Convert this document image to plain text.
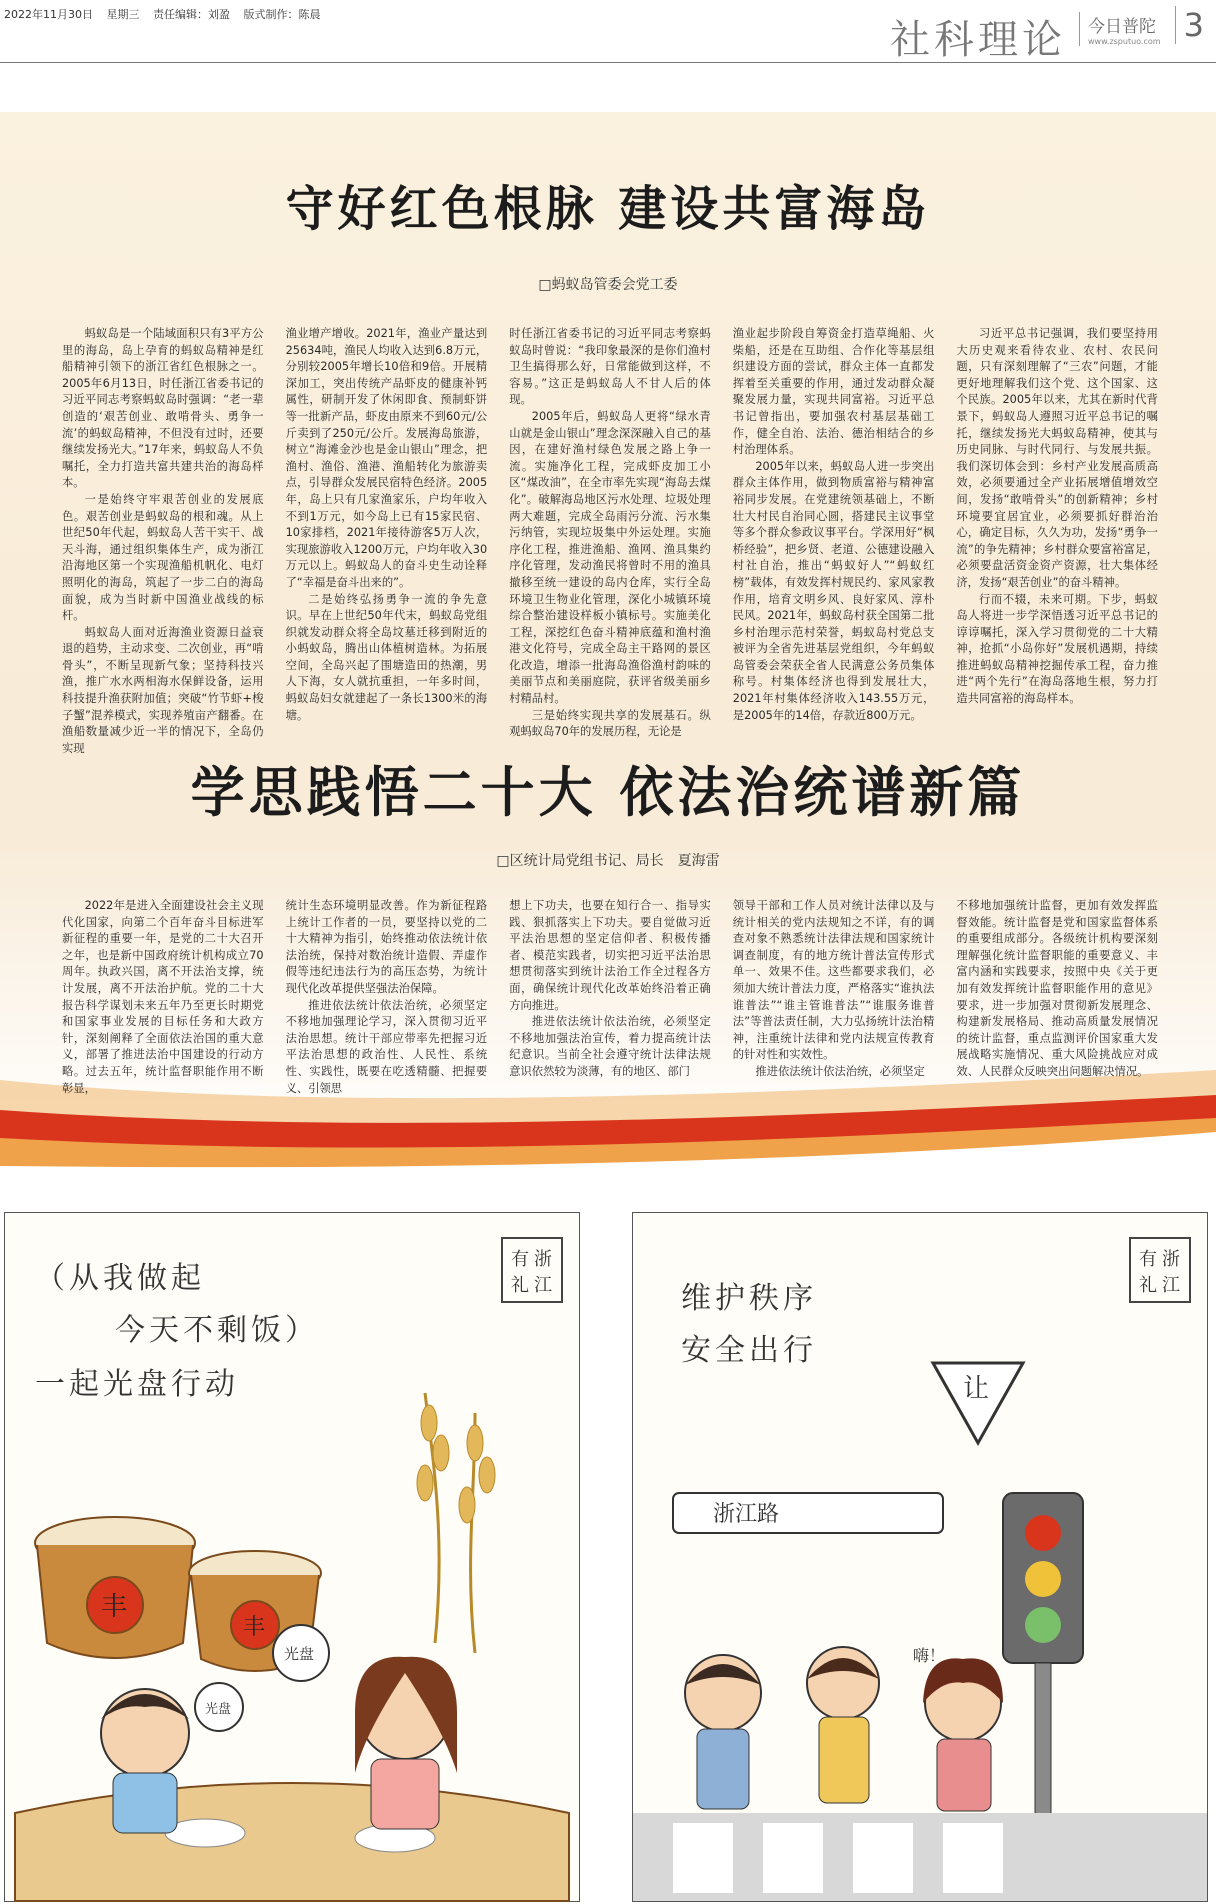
2022年11月30日 星期三 责任编辑：刘盈 版式制作：陈晨
社科理论 今日普陀
www.zsputuo.com 3
守好红色根脉 建设共富海岛
□蚂蚁岛管委会党工委

蚂蚁岛是一个陆域面积只有3平方公里的海岛，岛上孕育的蚂蚁岛精神是红船精神引领下的浙江省红色根脉之一。2005年6月13日，时任浙江省委书记的习近平同志考察蚂蚁岛时强调：“老一辈创造的‘艰苦创业、敢啃骨头、勇争一流’的蚂蚁岛精神，不但没有过时，还要继续发扬光大。”17年来，蚂蚁岛人不负嘱托，全力打造共富共建共治的海岛样本。

一是始终守牢艰苦创业的发展底色。艰苦创业是蚂蚁岛的根和魂。从上世纪50年代起，蚂蚁岛人苦干实干、战天斗海，通过组织集体生产，成为浙江沿海地区第一个实现渔船机帆化、电灯照明化的海岛，筑起了一步二白的海岛面貌，成为当时新中国渔业战线的标杆。

蚂蚁岛人面对近海渔业资源日益衰退的趋势，主动求变、二次创业，再“啃骨头”，不断呈现新气象；坚持科技兴渔，推广水水两相海水保鲜设备，运用科技提升渔获附加值；突破“竹节虾+梭子蟹”混养模式，实现养殖亩产翻番。在渔船数量减少近一半的情况下，全岛仍实现

渔业增产增收。2021年，渔业产量达到25634吨，渔民人均收入达到6.8万元，分别较2005年增长10倍和9倍。开展精深加工，突出传统产品虾皮的健康补钙属性，研制开发了休闲即食、预制虾饼等一批新产品，虾皮由原来不到60元/公斤卖到了250元/公斤。发展海岛旅游，树立“海滩金沙也是金山银山”理念，把渔村、渔俗、渔港、渔船转化为旅游卖点，引导群众发展民宿特色经济。2005年，岛上只有几家渔家乐，户均年收入不到1万元，如今岛上已有15家民宿、10家排档，2021年接待游客5万人次，实现旅游收入1200万元，户均年收入30万元以上。蚂蚁岛人的奋斗史生动诠释了“幸福是奋斗出来的”。

二是始终弘扬勇争一流的争先意识。早在上世纪50年代末，蚂蚁岛党组织就发动群众将全岛坟墓迁移到附近的小蚂蚁岛，腾出山体植树造林。为拓展空间，全岛兴起了围塘造田的热潮，男人下海，女人就抗重担，一年多时间，蚂蚁岛妇女就建起了一条长1300米的海塘。

时任浙江省委书记的习近平同志考察蚂蚁岛时曾说：“我印象最深的是你们渔村卫生搞得那么好，日常能做到这样，不容易。”这正是蚂蚁岛人不甘人后的体现。

2005年后，蚂蚁岛人更将“绿水青山就是金山银山”理念深深融入自己的基因，在建好渔村绿色发展之路上争一流。实施净化工程，完成虾皮加工小区“煤改油”，在全市率先实现“海岛去煤化”。破解海岛地区污水处理、垃圾处理两大难题，完成全岛雨污分流、污水集污纳管，实现垃圾集中外运处理。实施序化工程，推进渔船、渔网、渔具集约序化管理，发动渔民将曾时不用的渔具撤移至统一建设的岛内仓库，实行全岛环境卫生物业化管理，深化小城镇环境综合整治建设样板小镇标号。实施美化工程，深挖红色奋斗精神底蕴和渔村渔港文化符号，完成全岛主干路网的景区化改造，增添一批海岛渔俗渔村韵味的美丽节点和美丽庭院，获评省级美丽乡村精品村。

三是始终实现共享的发展基石。纵观蚂蚁岛70年的发展历程，无论是

渔业起步阶段自筹资金打造草绳船、火柴船，还是在互助组、合作化等基层组织建设方面的尝试，群众主体一直都发挥着至关重要的作用，通过发动群众凝聚发展力量，实现共同富裕。习近平总书记曾指出，要加强农村基层基础工作，健全自治、法治、德治相结合的乡村治理体系。

2005年以来，蚂蚁岛人进一步突出群众主体作用，做到物质富裕与精神富裕同步发展。在党建统领基础上，不断壮大村民自治同心圆，搭建民主议事堂等多个群众参政议事平台。学深用好“枫桥经验”，把乡贤、老道、公德建设融入村社自治，推出“蚂蚁好人”“蚂蚁红榜”载体，有效发挥村规民约、家风家教作用，培育文明乡风、良好家风、淳朴民风。2021年，蚂蚁岛村获全国第二批乡村治理示范村荣誉，蚂蚁岛村党总支被评为全省先进基层党组织，今年蚂蚁岛管委会荣获全省人民满意公务员集体称号。村集体经济也得到发展壮大，2021年村集体经济收入143.55万元，是2005年的14倍，存款近800万元。

习近平总书记强调，我们要坚持用大历史观来看待农业、农村、农民问题，只有深刻理解了“三农”问题，才能更好地理解我们这个党、这个国家、这个民族。2005年以来，尤其在新时代背景下，蚂蚁岛人遵照习近平总书记的嘱托，继续发扬光大蚂蚁岛精神，使其与历史同脉、与时代同行、与发展共振。我们深切体会到：乡村产业发展高质高效，必须要通过全产业拓展增值增效空间，发扬“敢啃骨头”的创新精神；乡村环境要宜居宜业，必须要抓好群治治心，确定目标，久久为功，发扬“勇争一流”的争先精神；乡村群众要富裕富足，必须要盘活资金资产资源，壮大集体经济，发扬“艰苦创业”的奋斗精神。

行而不辍，未来可期。下步，蚂蚁岛人将进一步学深悟透习近平总书记的谆谆嘱托，深入学习贯彻党的二十大精神，抢抓“小岛你好”发展机遇期，持续推进蚂蚁岛精神挖掘传承工程，奋力推进“两个先行”在海岛落地生根，努力打造共同富裕的海岛样本。

学思践悟二十大 依法治统谱新篇
□区统计局党组书记、局长　夏海雷

2022年是进入全面建设社会主义现代化国家，向第二个百年奋斗目标进军新征程的重要一年，是党的二十大召开之年，也是新中国政府统计机构成立70周年。执政兴国，离不开法治支撑，统计发展，离不开法治护航。党的二十大报告科学谋划未来五年乃至更长时期党和国家事业发展的目标任务和大政方针，深刻阐释了全面依法治国的重大意义，部署了推进法治中国建设的行动方略。过去五年，统计监督职能作用不断彰显，

统计生态环境明显改善。作为新征程路上统计工作者的一员，要坚持以党的二十大精神为指引，始终推动依法统计依法治统，保持对数治统计造假、弄虚作假等违纪违法行为的高压态势，为统计现代化改革提供坚强法治保障。

推进依法统计依法治统，必须坚定不移地加强理论学习，深入贯彻习近平法治思想。统计干部应带率先把握习近平法治思想的政治性、人民性、系统性、实践性，既要在吃透精髓、把握要义、引领思

想上下功夫，也要在知行合一、指导实践、狠抓落实上下功夫。要自觉做习近平法治思想的坚定信仰者、积极传播者、模范实践者，切实把习近平法治思想贯彻落实到统计法治工作全过程各方面，确保统计现代化改革始终沿着正确方向推进。

推进依法统计依法治统，必须坚定不移地加强法治宣传，着力提高统计法纪意识。当前全社会遵守统计法律法规意识依然较为淡薄，有的地区、部门

领导干部和工作人员对统计法律以及与统计相关的党内法规知之不详，有的调查对象不熟悉统计法律法规和国家统计调查制度，有的地方统计普法宣传形式单一、效果不佳。这些都要求我们，必须加大统计普法力度，严格落实“谁执法谁普法”“谁主管谁普法”“谁服务谁普法”等普法责任制，大力弘扬统计法治精神，注重统计法律和党内法规宣传教育的针对性和实效性。

推进依法统计依法治统，必须坚定

不移地加强统计监督，更加有效发挥监督效能。统计监督是党和国家监督体系的重要组成部分。各级统计机构要深刻理解强化统计监督职能的重要意义、丰富内涵和实践要求，按照中央《关于更加有效发挥统计监督职能作用的意见》要求，进一步加强对贯彻新发展理念、构建新发展格局、推动高质量发展情况的统计监督，重点监测评价国家重大发展战略实施情况、重大风险挑战应对成效、人民群众反映突出问题解决情况。

（从我做起
今天不剩饭）
一起光盘行动
有 浙
礼 江
丰
丰
光盘
光盘
维护秩序
安全出行
有 浙
礼 江
让
浙江路
嗨！
